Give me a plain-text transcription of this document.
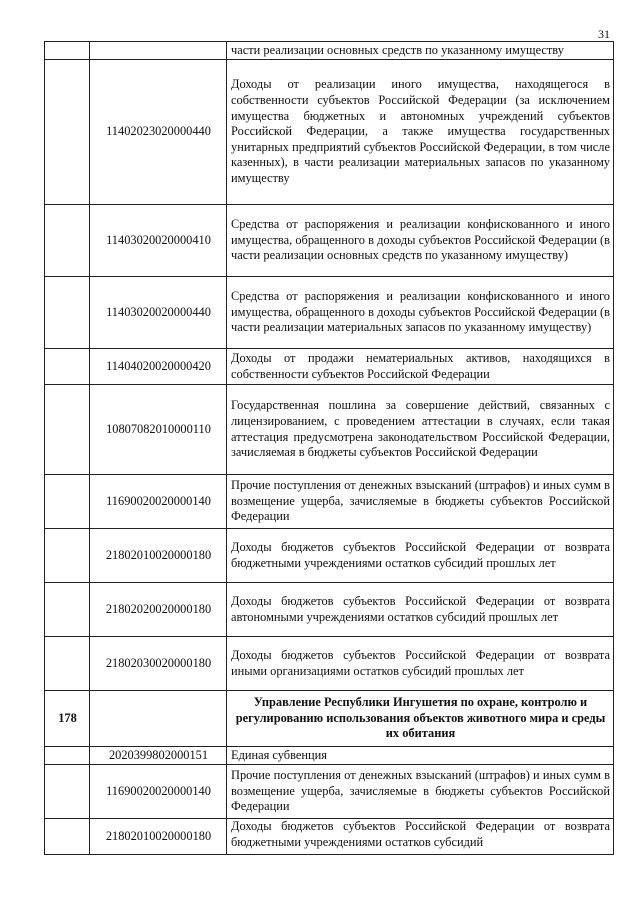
31
		части реализации основных средств по указанному имуществу
	11402023020000440	Доходы от реализации иного имущества, находящегося в собственности субъектов Российской Федерации (за исключением имущества бюджетных и автономных учреждений субъектов Российской Федерации, а также имущества государственных унитарных предприятий субъектов Российской Федерации, в том числе казенных), в части реализации материальных запасов по указанному имуществу
	11403020020000410	Средства от распоряжения и реализации конфискованного и иного имущества, обращенного в доходы субъектов Российской Федерации (в части реализации основных средств по указанному имуществу)
	11403020020000440	Средства от распоряжения и реализации конфискованного и иного имущества, обращенного в доходы субъектов Российской Федерации (в части реализации материальных запасов по указанному имуществу)
	11404020020000420	Доходы от продажи нематериальных активов, находящихся в собственности субъектов Российской Федерации
	10807082010000110	Государственная пошлина за совершение действий, связанных с лицензированием, с проведением аттестации в случаях, если такая аттестация предусмотрена законодательством Российской Федерации, зачисляемая в бюджеты субъектов Российской Федерации
	11690020020000140	Прочие поступления от денежных взысканий (штрафов) и иных сумм в возмещение ущерба, зачисляемые в бюджеты субъектов Российской Федерации
	21802010020000180	Доходы бюджетов субъектов Российской Федерации от возврата бюджетными учреждениями остатков субсидий прошлых лет
	21802020020000180	Доходы бюджетов субъектов Российской Федерации от возврата автономными учреждениями остатков субсидий прошлых лет
	21802030020000180	Доходы бюджетов субъектов Российской Федерации от возврата иными организациями остатков субсидий прошлых лет
178		Управление Республики Ингушетия по охране, контролю и регулированию использования объектов животного мира и среды их обитания
	2020399802000151	Единая субвенция
	11690020020000140	Прочие поступления от денежных взысканий (штрафов) и иных сумм в возмещение ущерба, зачисляемые в бюджеты субъектов Российской Федерации
	21802010020000180	Доходы бюджетов субъектов Российской Федерации от возврата бюджетными учреждениями остатков субсидий
